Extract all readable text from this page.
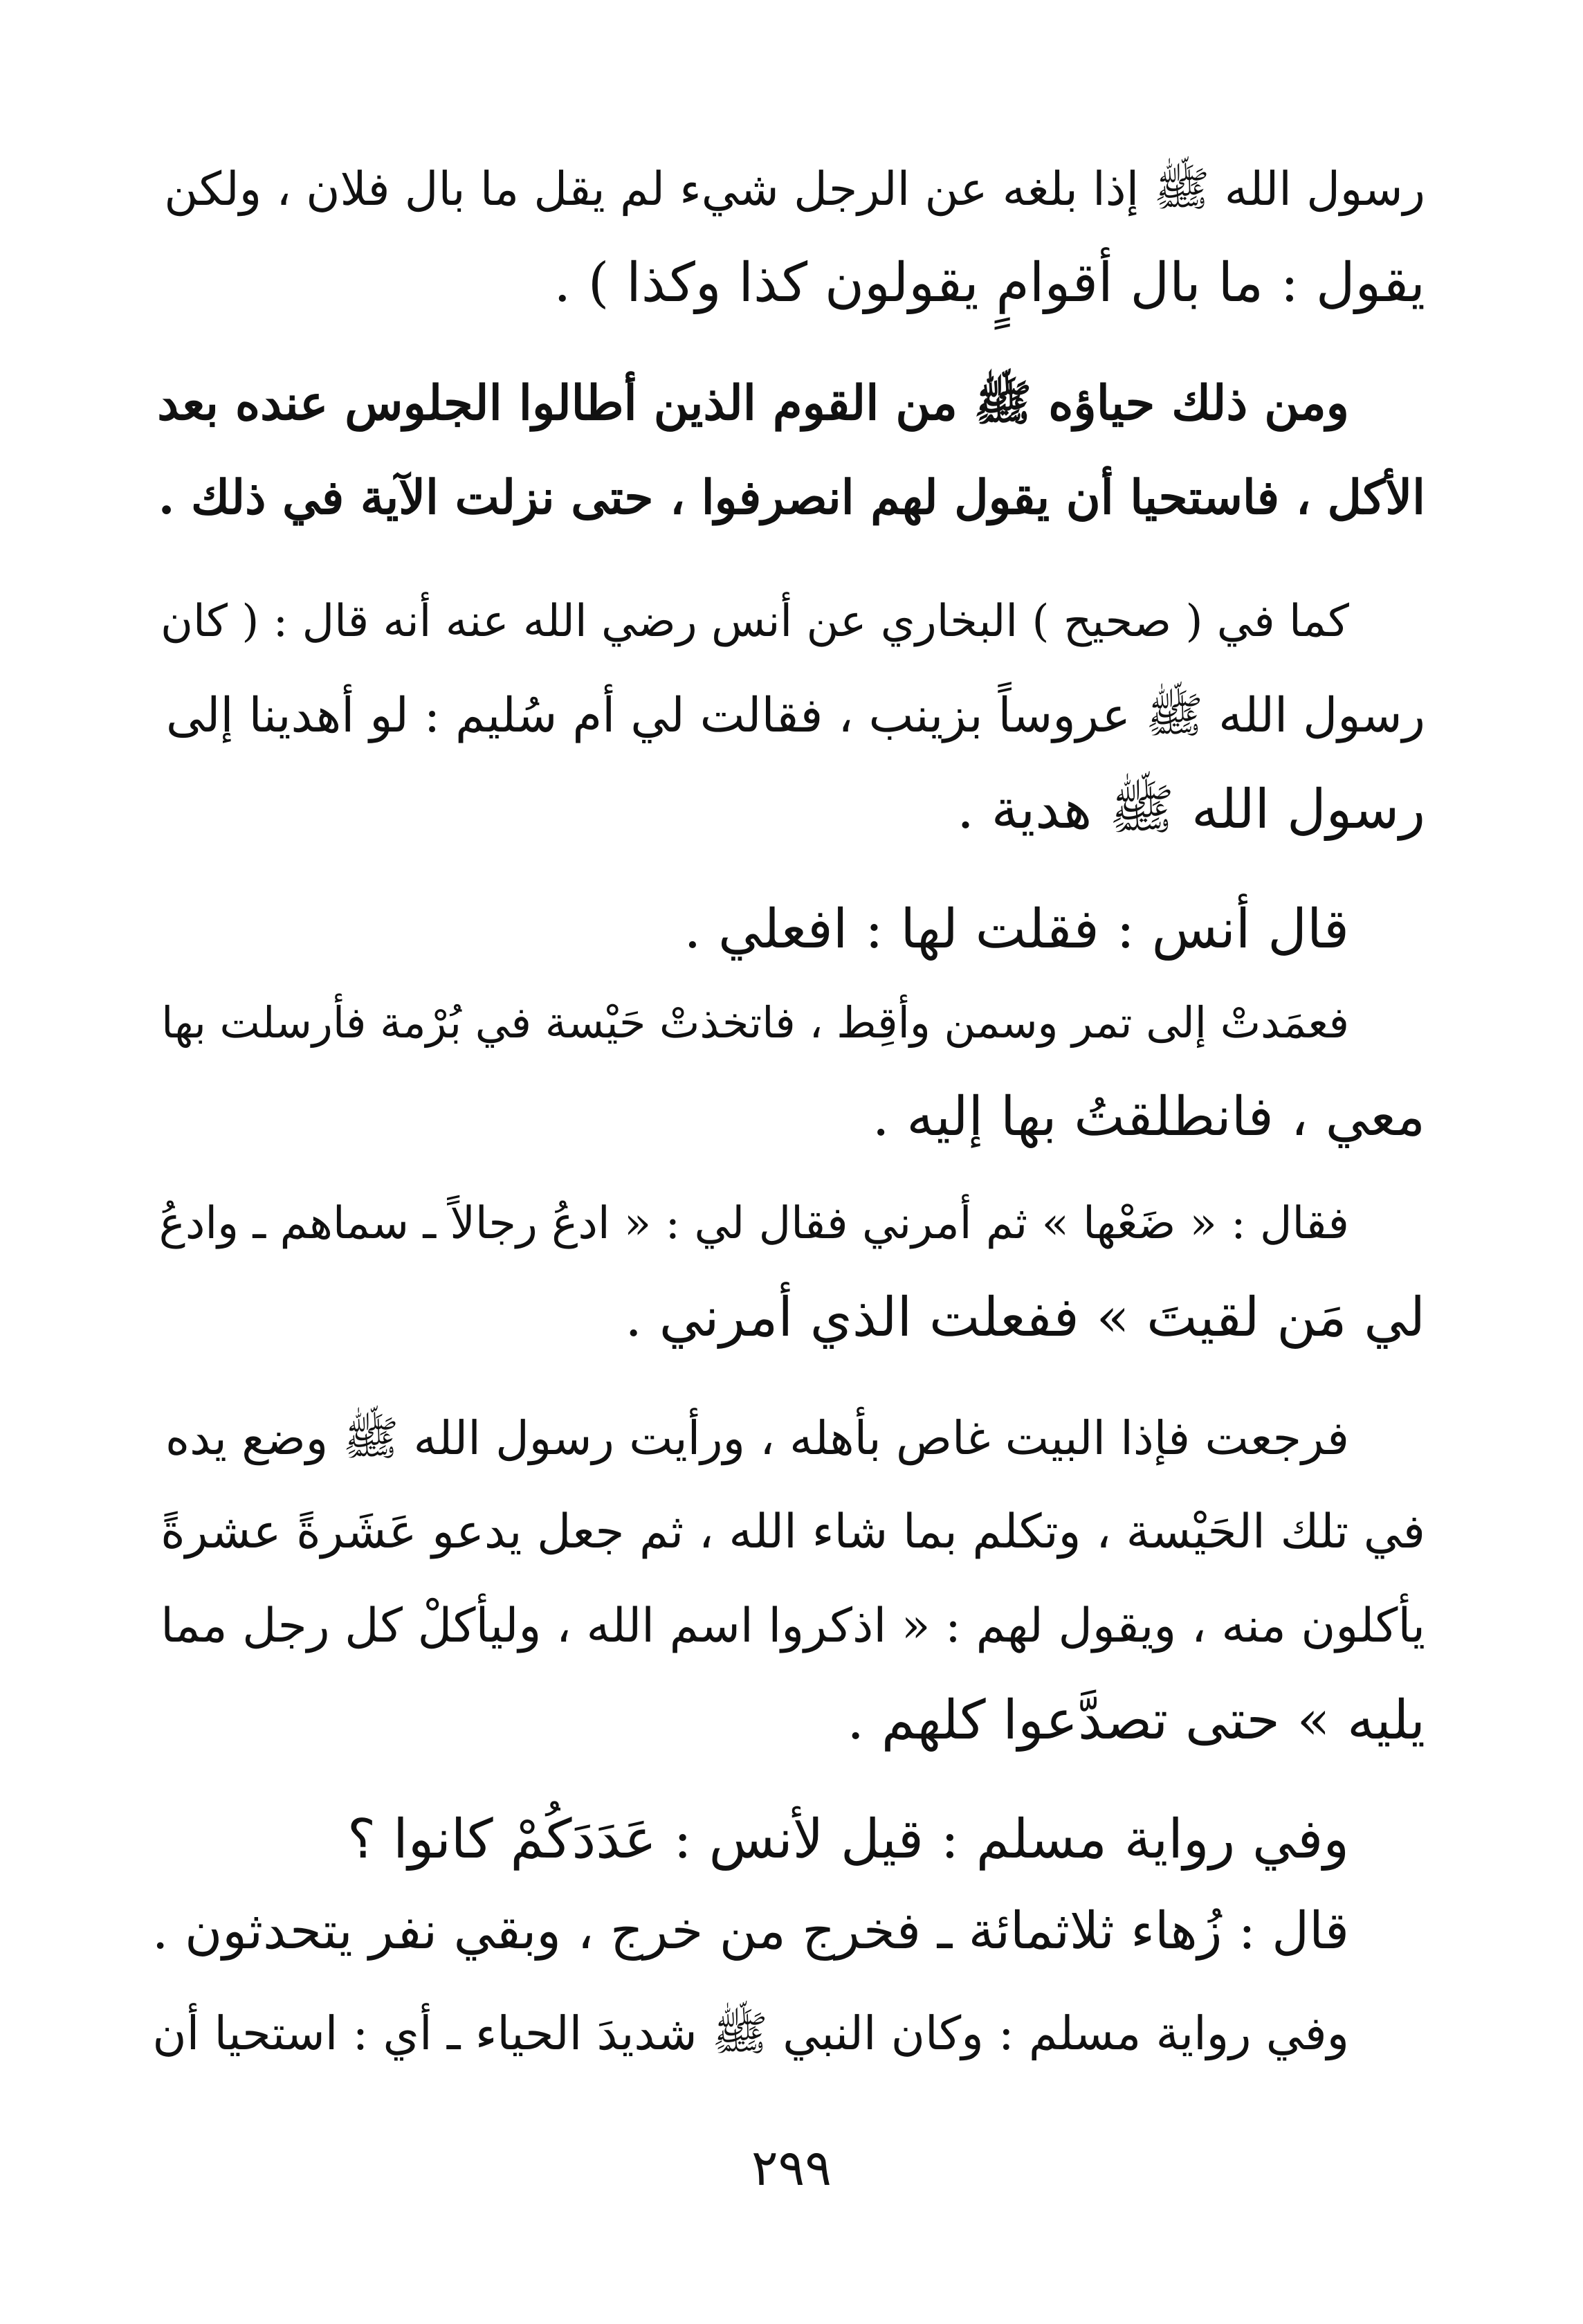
رسول الله ﷺ إذا بلغه عن الرجل شيء لم يقل ما بال فلان ، ولكن
يقول : ما بال أقوامٍ يقولون كذا وكذا ) .
ومن ذلك حياؤه ﷺ من القوم الذين أطالوا الجلوس عنده بعد
الأكل ، فاستحيا أن يقول لهم انصرفوا ، حتى نزلت الآية في ذلك .
كما في ( صحيح ) البخاري عن أنس رضي الله عنه أنه قال : ( كان
رسول الله ﷺ عروساً بزينب ، فقالت لي أم سُليم : لو أهدينا إلى
رسول الله ﷺ هدية .
قال أنس : فقلت لها : افعلي .
فعمَدتْ إلى تمر وسمن وأقِط ، فاتخذتْ حَيْسة في بُرْمة فأرسلت بها
معي ، فانطلقتُ بها إليه .
فقال : « ضَعْها » ثم أمرني فقال لي : « ادعُ رجالاً ـ سماهم ـ وادعُ
لي مَن لقيتَ » ففعلت الذي أمرني .
فرجعت فإذا البيت غاص بأهله ، ورأيت رسول الله ﷺ وضع يده
في تلك الحَيْسة ، وتكلم بما شاء الله ، ثم جعل يدعو عَشَرةً عشرةً
يأكلون منه ، ويقول لهم : « اذكروا اسم الله ، وليأكلْ كل رجل مما
يليه » حتى تصدَّعوا كلهم .
وفي رواية مسلم : قيل لأنس : عَدَدَكُمْ كانوا ؟
قال : زُهاء ثلاثمائة ـ فخرج من خرج ، وبقي نفر يتحدثون .
وفي رواية مسلم : وكان النبي ﷺ شديدَ الحياء ـ أي : استحيا أن
٢٩٩
